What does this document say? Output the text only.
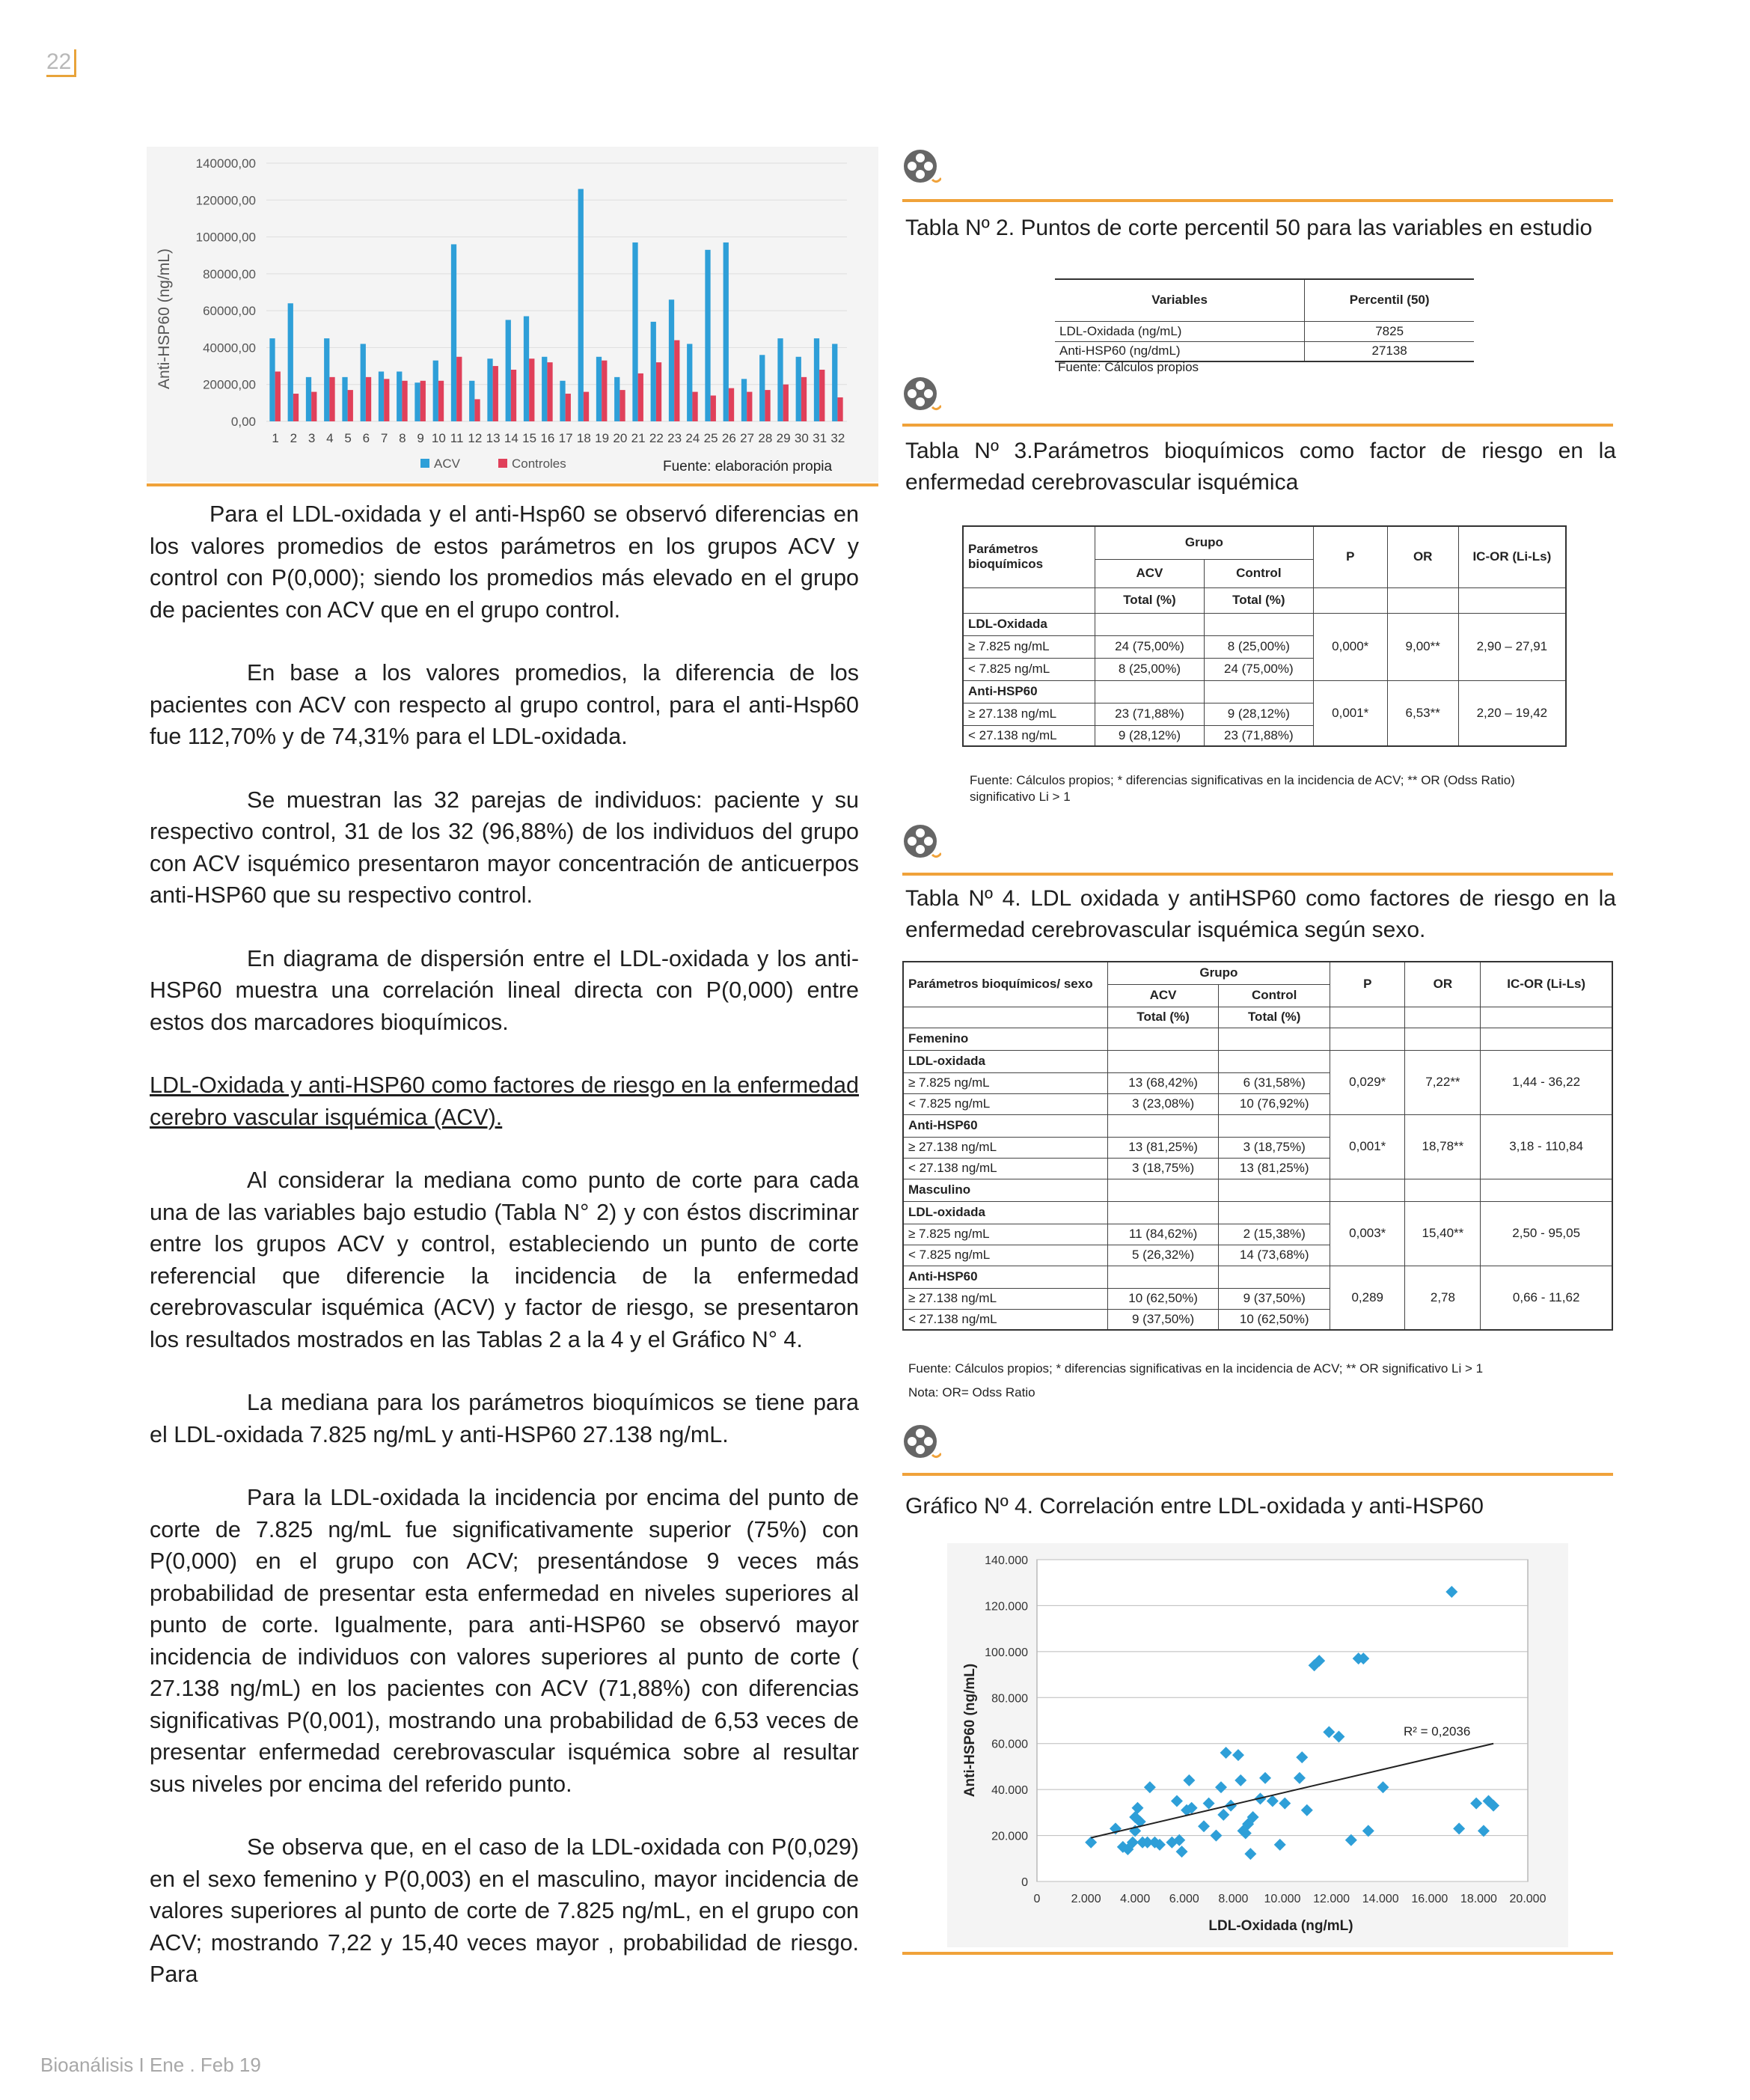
22
0,00
20000,00
40000,00
60000,00
80000,00
100000,00
120000,00
140000,00
1 2 3 4 5 6 7 8 9 10 11 12 13 14 15 16 17 18 19 20 21 22 23 24 25 26 27 28 29 30 31 32
Anti-HSP60 (ng/mL)
ACV	Controles	Fuente: elaboración propia

Para el LDL-oxidada y el anti-Hsp60 se observó diferencias en los valores promedios de estos parámetros en los grupos ACV y control con P(0,000); siendo los promedios más elevado en el grupo de pacientes con ACV que en el grupo control.

En base a los valores promedios, la diferencia de los pacientes con ACV con respecto al grupo control, para el anti-Hsp60 fue 112,70% y de 74,31% para el LDL-oxidada.

Se muestran las 32 parejas de individuos: paciente y su respectivo control, 31 de los 32 (96,88%) de los individuos del grupo con ACV isquémico presentaron mayor concentración de anticuerpos anti-HSP60 que su respectivo control.

En diagrama de dispersión entre el LDL-oxidada y los anti-HSP60 muestra una correlación lineal directa con P(0,000) entre estos dos marcadores bioquímicos.

LDL-Oxidada y anti-HSP60 como factores de riesgo en la enfermedad cerebro vascular isquémica (ACV).

Al considerar la mediana como punto de corte para cada una de las variables bajo estudio (Tabla N° 2) y con éstos discriminar entre los grupos ACV y control, estableciendo un punto de corte referencial que diferencie la incidencia de la enfermedad cerebrovascular isquémica (ACV) y factor de riesgo, se presentaron los resultados mostrados en las Tablas 2 a la 4 y el Gráfico N° 4.

La mediana para los parámetros bioquímicos se tiene para el LDL-oxidada 7.825 ng/mL y anti-HSP60 27.138 ng/mL.

Para la LDL-oxidada la incidencia por encima del punto de corte de 7.825 ng/mL fue significativamente superior (75%) con P(0,000) en el grupo con ACV; presentándose 9 veces más probabilidad de presentar esta enfermedad en niveles superiores al punto de corte. Igualmente, para anti-HSP60 se observó mayor incidencia de individuos con valores superiores al punto de corte ( 27.138 ng/mL) en los pacientes con ACV (71,88%) con diferencias significativas P(0,001), mostrando una probabilidad de 6,53 veces de presentar enfermedad cerebrovascular isquémica sobre al resultar sus niveles por encima del referido punto.

Se observa que, en el caso de la LDL-oxidada con P(0,029) en el sexo femenino y P(0,003) en el masculino, mayor incidencia de valores superiores al punto de corte de 7.825 ng/mL, en el grupo con ACV; mostrando 7,22 y 15,40 veces mayor , probabilidad de riesgo. Para

Tabla Nº 2. Puntos de corte percentil 50 para las variables en estudio
Variables	Percentil (50)
LDL-Oxidada (ng/mL)	7825
Anti-HSP60 (ng/dmL)	27138
Fuente: Cálculos propios
Tabla Nº 3.Parámetros bioquímicos como factor de riesgo en la enfermedad cerebrovascular isquémica
Parámetros bioquímicos	Grupo		P	OR	IC-OR (Li-Ls)
	ACV	Control			
	Total (%)	Total (%)			
LDL-Oxidada			0,000*	9,00**	2,90 – 27,91
≥ 7.825 ng/mL	24 (75,00%)	8 (25,00%)			
< 7.825 ng/mL	8 (25,00%)	24 (75,00%)			
Anti-HSP60			0,001*	6,53**	2,20 – 19,42
≥ 27.138 ng/mL	23 (71,88%)	9 (28,12%)			
< 27.138 ng/mL	9 (28,12%)	23 (71,88%)			
Fuente: Cálculos propios; * diferencias significativas en la incidencia de ACV; ** OR (Odss Ratio) significativo Li > 1
Tabla Nº 4. LDL oxidada y antiHSP60 como factores de riesgo en la enfermedad cerebrovascular isquémica según sexo.
Parámetros bioquímicos/ sexo	Grupo		P	OR	IC-OR (Li-Ls)
	ACV	Control			
	Total (%)	Total (%)			
Femenino					
LDL-oxidada			0,029*	7,22**	1,44 - 36,22
≥ 7.825 ng/mL	13 (68,42%)	6 (31,58%)			
< 7.825 ng/mL	3 (23,08%)	10 (76,92%)			
Anti-HSP60			0,001*	18,78**	3,18 - 110,84
≥ 27.138 ng/mL	13 (81,25%)	3 (18,75%)			
< 27.138 ng/mL	3 (18,75%)	13 (81,25%)			
Masculino					
LDL-oxidada			0,003*	15,40**	2,50 - 95,05
≥ 7.825 ng/mL	11 (84,62%)	2 (15,38%)			
< 7.825 ng/mL	5 (26,32%)	14 (73,68%)			
Anti-HSP60			0,289	2,78	0,66 - 11,62
≥ 27.138 ng/mL	10 (62,50%)	9 (37,50%)			
< 27.138 ng/mL	9 (37,50%)	10 (62,50%)			
Fuente: Cálculos propios; * diferencias significativas en la incidencia de ACV; ** OR significativo Li > 1
Nota: OR= Odss Ratio
Gráfico Nº 4. Correlación entre LDL-oxidada y anti-HSP60
0
20.000
40.000
60.000
80.000
100.000
120.000
140.000
0	2.000 4.000 6.000 8.000 10.000 12.000 14.000 16.000 18.000 20.000
Anti-HSP60 (ng/mL)
LDL-Oxidada (ng/mL)
R² = 0,2036
Bioanálisis I Ene . Feb 19
